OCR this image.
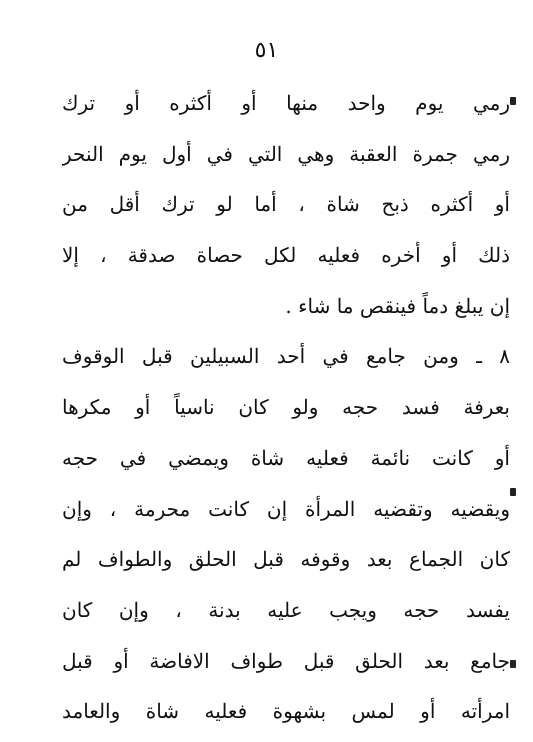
٥١
رمي يوم واحد منها أو أكثره أو ترك
رمي جمرة العقبة وهي التي في أول يوم النحر
أو أكثره ذبح شاة ، أما لو ترك أقل من
ذلك أو أخره فعليه لكل حصاة صدقة ، إلا
إن يبلغ دماً فينقص ما شاء .
٨ ـ ومن جامع في أحد السبيلين قبل الوقوف
بعرفة فسد حجه ولو كان ناسياً أو مكرها
أو كانت نائمة فعليه شاة ويمضي في حجه
ويقضيه وتقضيه المرأة إن كانت محرمة ، وإن
كان الجماع بعد وقوفه قبل الحلق والطواف لم
يفسد حجه ويجب عليه بدنة ، وإن كان
جامع بعد الحلق قبل طواف الافاضة أو قبل
امرأته أو لمس بشهوة فعليه شاة والعامد
